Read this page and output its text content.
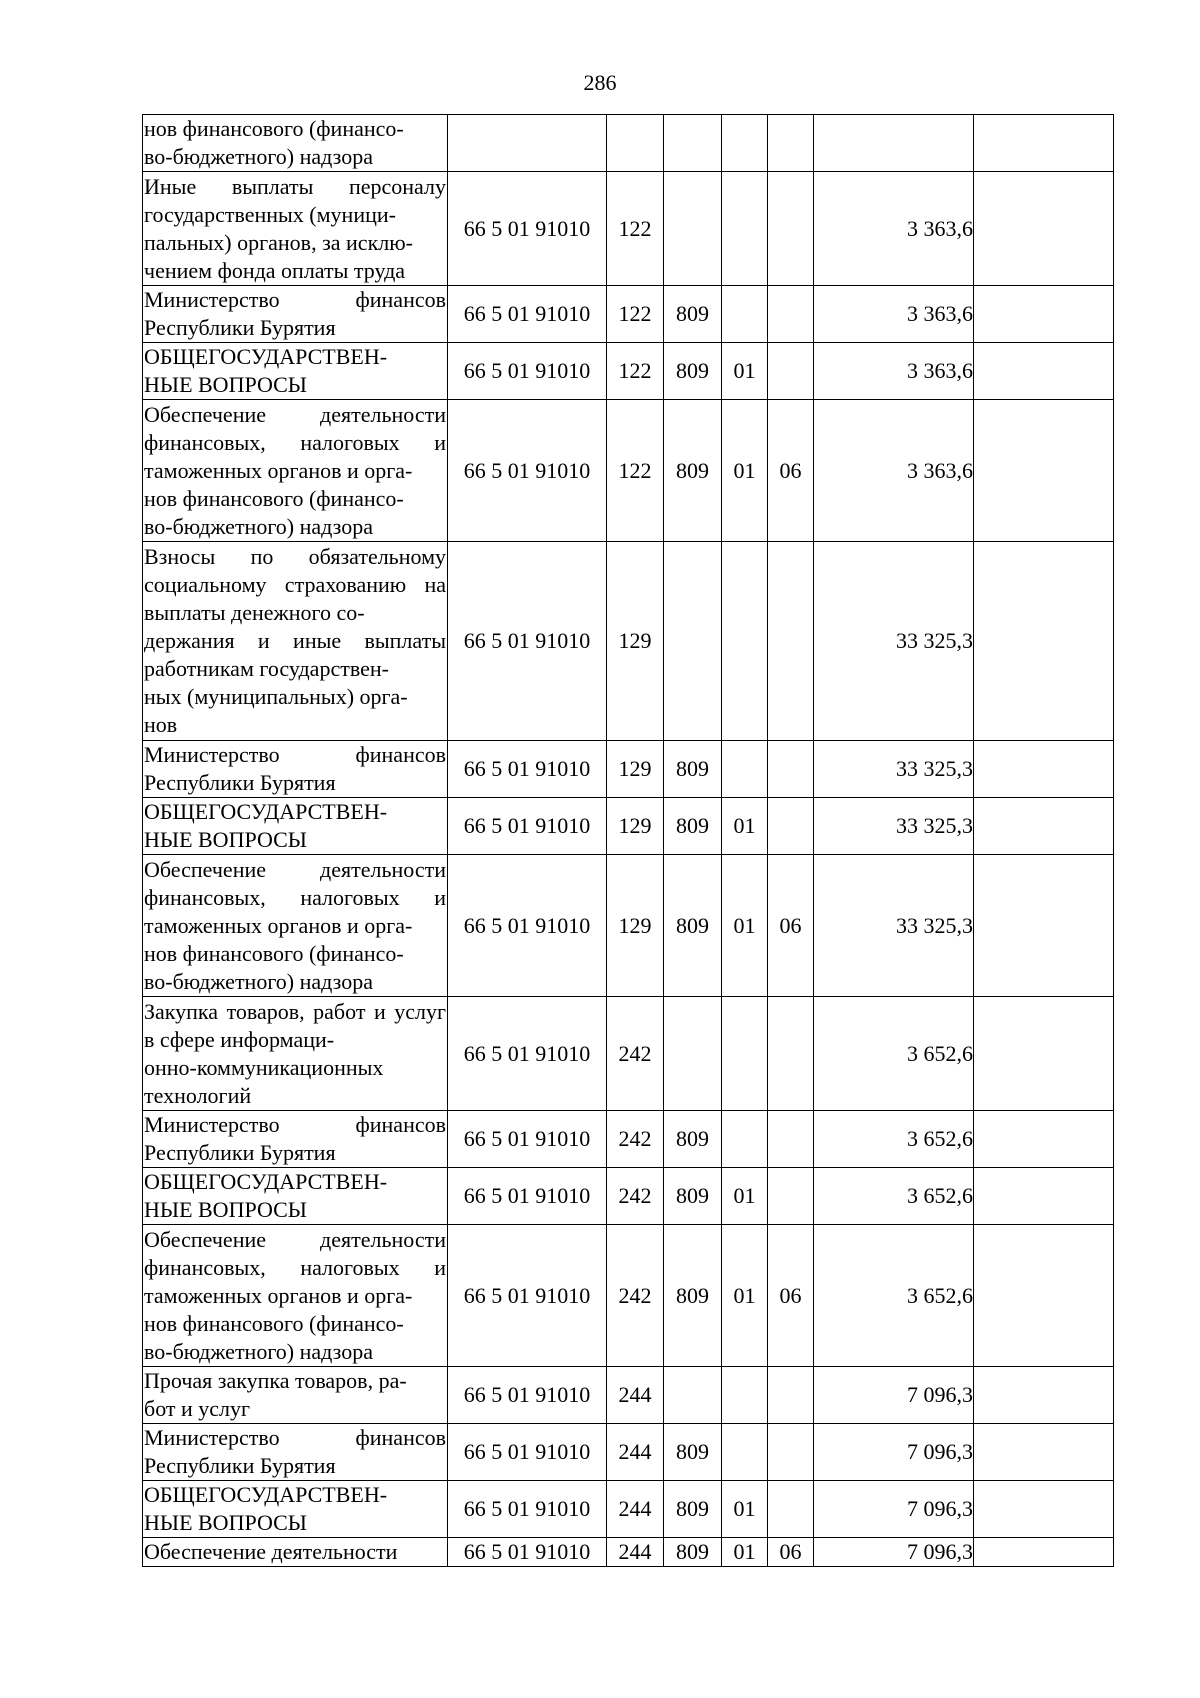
286
нов финансового (финансо-
во-бюджетного) надзора							
Иные выплаты персоналу государственных (муници-
пальных) органов, за исклю-
чением фонда оплаты труда	66 5 01 91010	122				3 363,6	
Министерство финансов Республики Бурятия	66 5 01 91010	122	809			3 363,6	
ОБЩЕГОСУДАРСТВЕН-
НЫЕ ВОПРОСЫ	66 5 01 91010	122	809	01		3 363,6	
Обеспечение деятельности финансовых, налоговых и таможенных органов и орга-
нов финансового (финансо-
во-бюджетного) надзора	66 5 01 91010	122	809	01	06	3 363,6	
Взносы по обязательному социальному страхованию на выплаты денежного со-
держания и иные выплаты работникам государствен-
ных (муниципальных) орга-
нов	66 5 01 91010	129				33 325,3	
Министерство финансов Республики Бурятия	66 5 01 91010	129	809			33 325,3	
ОБЩЕГОСУДАРСТВЕН-
НЫЕ ВОПРОСЫ	66 5 01 91010	129	809	01		33 325,3	
Обеспечение деятельности финансовых, налоговых и таможенных органов и орга-
нов финансового (финансо-
во-бюджетного) надзора	66 5 01 91010	129	809	01	06	33 325,3	
Закупка товаров, работ и услуг в сфере информаци-
онно-коммуникационных технологий	66 5 01 91010	242				3 652,6	
Министерство финансов Республики Бурятия	66 5 01 91010	242	809			3 652,6	
ОБЩЕГОСУДАРСТВЕН-
НЫЕ ВОПРОСЫ	66 5 01 91010	242	809	01		3 652,6	
Обеспечение деятельности финансовых, налоговых и таможенных органов и орга-
нов финансового (финансо-
во-бюджетного) надзора	66 5 01 91010	242	809	01	06	3 652,6	
Прочая закупка товаров, ра-
бот и услуг	66 5 01 91010	244				7 096,3	
Министерство финансов Республики Бурятия	66 5 01 91010	244	809			7 096,3	
ОБЩЕГОСУДАРСТВЕН-
НЫЕ ВОПРОСЫ	66 5 01 91010	244	809	01		7 096,3	
Обеспечение деятельности	66 5 01 91010	244	809	01	06	7 096,3	
